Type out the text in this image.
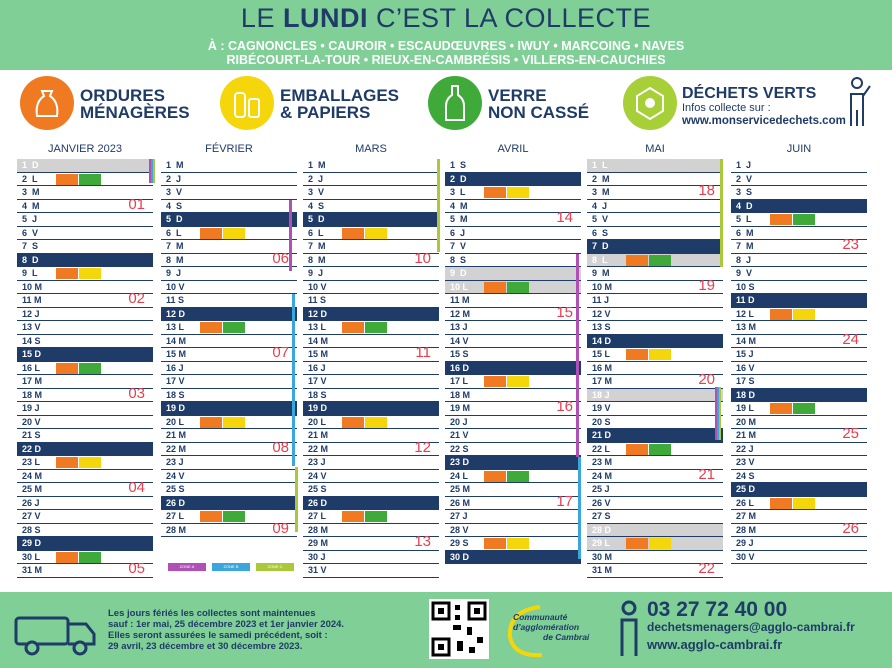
LE LUNDI C’EST LA COLLECTE
À : CAGNONCLES • CAUROIR • ESCAUDŒUVRES • IWUY • MARCOING • NAVES
RIBÉCOURT-LA-TOUR • RIEUX-EN-CAMBRÉSIS • VILLERS-EN-CAUCHIES
ORDURES
MÉNAGÈRES
EMBALLAGES
& PAPIERS
VERRE
NON CASSÉ
DÉCHETS VERTS
Infos collecte sur :
www.monservicedechets.com
JANVIER 2023
1  D
2  L
3  M
4  M	01
5  J
6  V
7  S
8  D
9  L
10 M
11 M	02
12 J
13 V
14 S
15 D
16 L
17 M
18 M	03
19 J
20 V
21 S
22 D
23 L
24 M
25 M	04
26 J
27 V
28 S
29 D
30 L
31 M	05
FÉVRIER
1  M
2  J
3  V
4  S
5  D
6  L
7  M
8  M	06
9  J
10 V
11 S
12 D
13 L
14 M
15 M	07
16 J
17 V
18 S
19 D
20 L
21 M
22 M	08
23 J
24 V
25 S
26 D
27 L
28 M	09
MARS
1  M
2  J
3  V
4  S
5  D
6  L
7  M
8  M	10
9  J
10 V
11 S
12 D
13 L
14 M
15 M	11
16 J
17 V
18 S
19 D
20 L
21 M
22 M	12
23 J
24 V
25 S
26 D
27 L
28 M
29 M	13
30 J
31 V
AVRIL
1  S
2  D
3  L
4  M
5  M	14
6  J
7  V
8  S
9  D
10 L
11 M
12 M	15
13 J
14 V
15 S
16 D
17 L
18 M
19 M	16
20 J
21 V
22 S
23 D
24 L
25 M
26 M	17
27 J
28 V
29 S
30 D
MAI
1  L
2  M
3  M	18
4  J
5  V
6  S
7  D
8  L
9  M
10 M	19
11 J
12 V
13 S
14 D
15 L
16 M
17 M	20
18 J
19 V
20 S
21 D
22 L
23 M
24 M	21
25 J
26 V
27 S
28 D
29 L
30 M
31 M	22
JUIN
1  J
2  V
3  S
4  D
5  L
6  M
7  M	23
8  J
9  V
10 S
11 D
12 L
13 M
14 M	24
15 J
16 V
17 S
18 D
19 L
20 M
21 M	25
22 J
23 V
24 S
25 D
26 L
27 M
28 M	26
29 J
30 V
ZONE A	ZONE B	ZONE C
Les jours fériés les collectes sont maintenues
sauf : 1er mai, 25 décembre 2023 et 1er janvier 2024.
Elles seront assurées le samedi précédent, soit :
29 avril, 23 décembre et 30 décembre 2023.
Communauté
d’agglomération
de Cambrai
03 27 72 40 00
dechetsmenagers@agglo-cambrai.fr
www.agglo-cambrai.fr
